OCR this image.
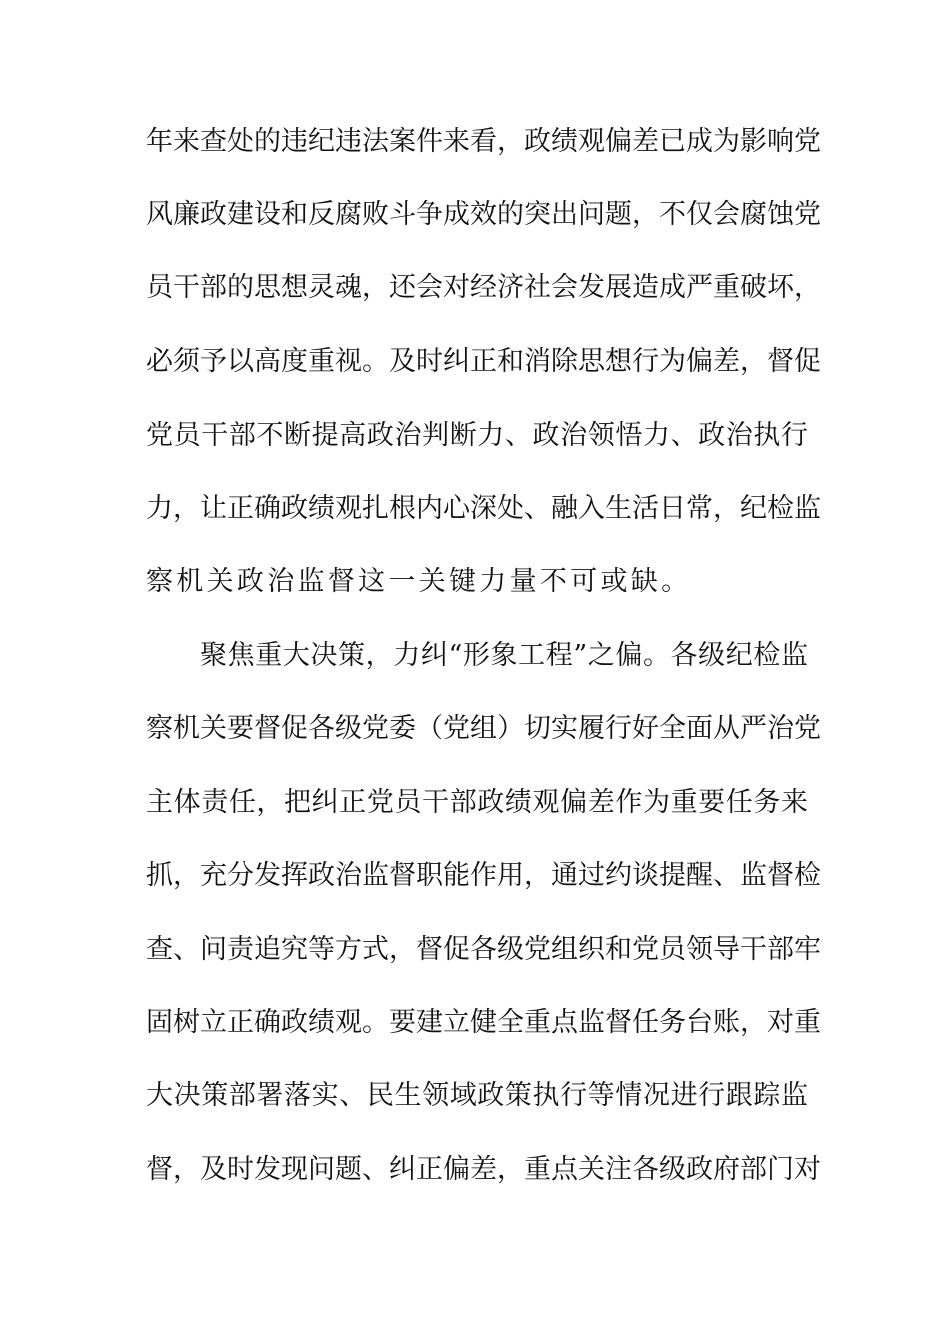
年来查处的违纪违法案件来看，政绩观偏差已成为影响党
风廉政建设和反腐败斗争成效的突出问题，不仅会腐蚀党
员干部的思想灵魂，还会对经济社会发展造成严重破坏，
必须予以高度重视。及时纠正和消除思想行为偏差，督促
党员干部不断提高政治判断力、政治领悟力、政治执行
力，让正确政绩观扎根内心深处、融入生活日常，纪检监
察机关政治监督这一关键力量不可或缺。
聚焦重大决策，力纠“形象工程”之偏。各级纪检监
察机关要督促各级党委（党组）切实履行好全面从严治党
主体责任，把纠正党员干部政绩观偏差作为重要任务来
抓，充分发挥政治监督职能作用，通过约谈提醒、监督检
查、问责追究等方式，督促各级党组织和党员领导干部牢
固树立正确政绩观。要建立健全重点监督任务台账，对重
大决策部署落实、民生领域政策执行等情况进行跟踪监
督，及时发现问题、纠正偏差，重点关注各级政府部门对
